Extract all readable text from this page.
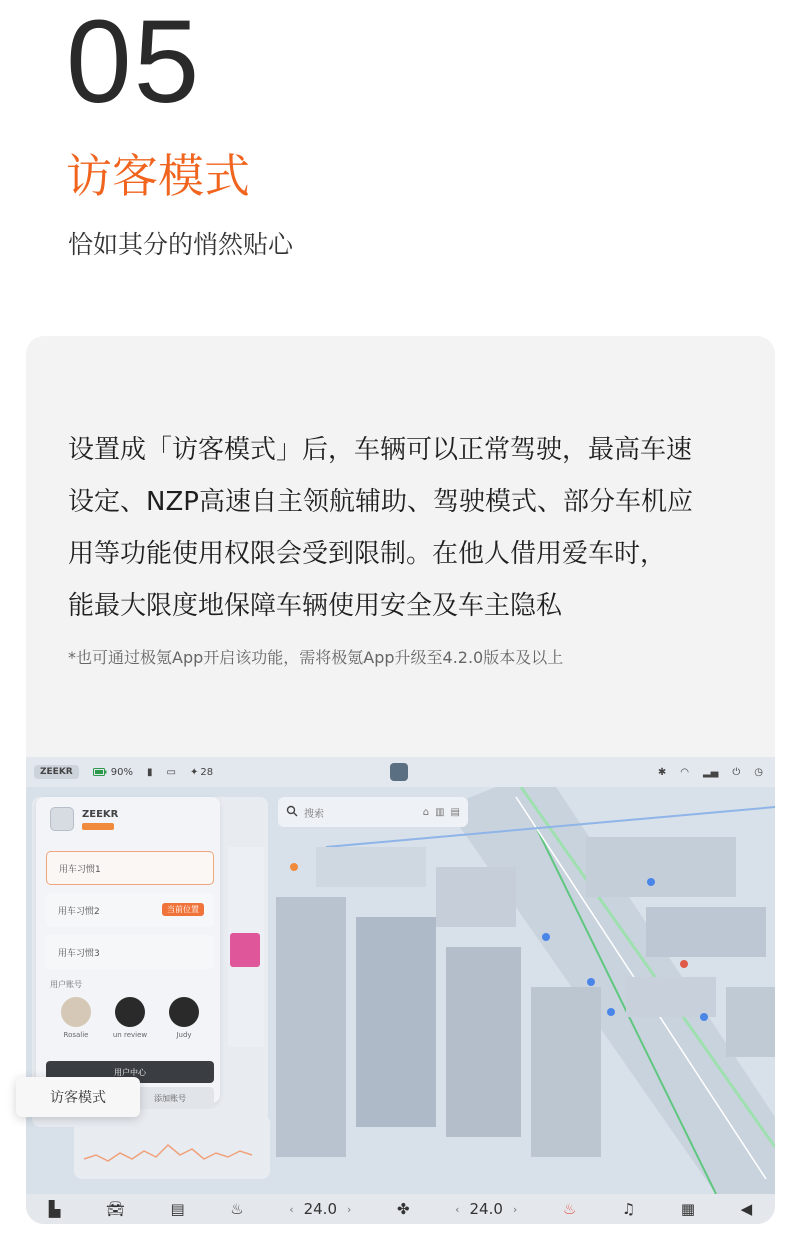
05
访客模式
恰如其分的悄然贴心

设置成「访客模式」后，车辆可以正常驾驶，最高车速

设定、NZP高速自主领航辅助、驾驶模式、部分车机应

用等功能使用权限会受到限制。在他人借用爱车时，

能最大限度地保障车辆使用安全及车主隐私

*也可通过极氪App开启该功能，需将极氪App升级至4.2.0版本及以上
ZEEKR	90% ▮ ▭ ✦ 28	✱ ◠ ▂▄ ⏻ ◷
搜索	⌂ ▥ ▤
ZEEKR
用车习惯1
用车习惯2	当前位置
用车习惯3
用户账号
Rosalie	un review	Judy
用户中心
添加账号
▙	🚘︎	▤	♨	‹ 24.0 ›	✤	‹ 24.0 ›	♨	♫	▦	◀
访客模式
